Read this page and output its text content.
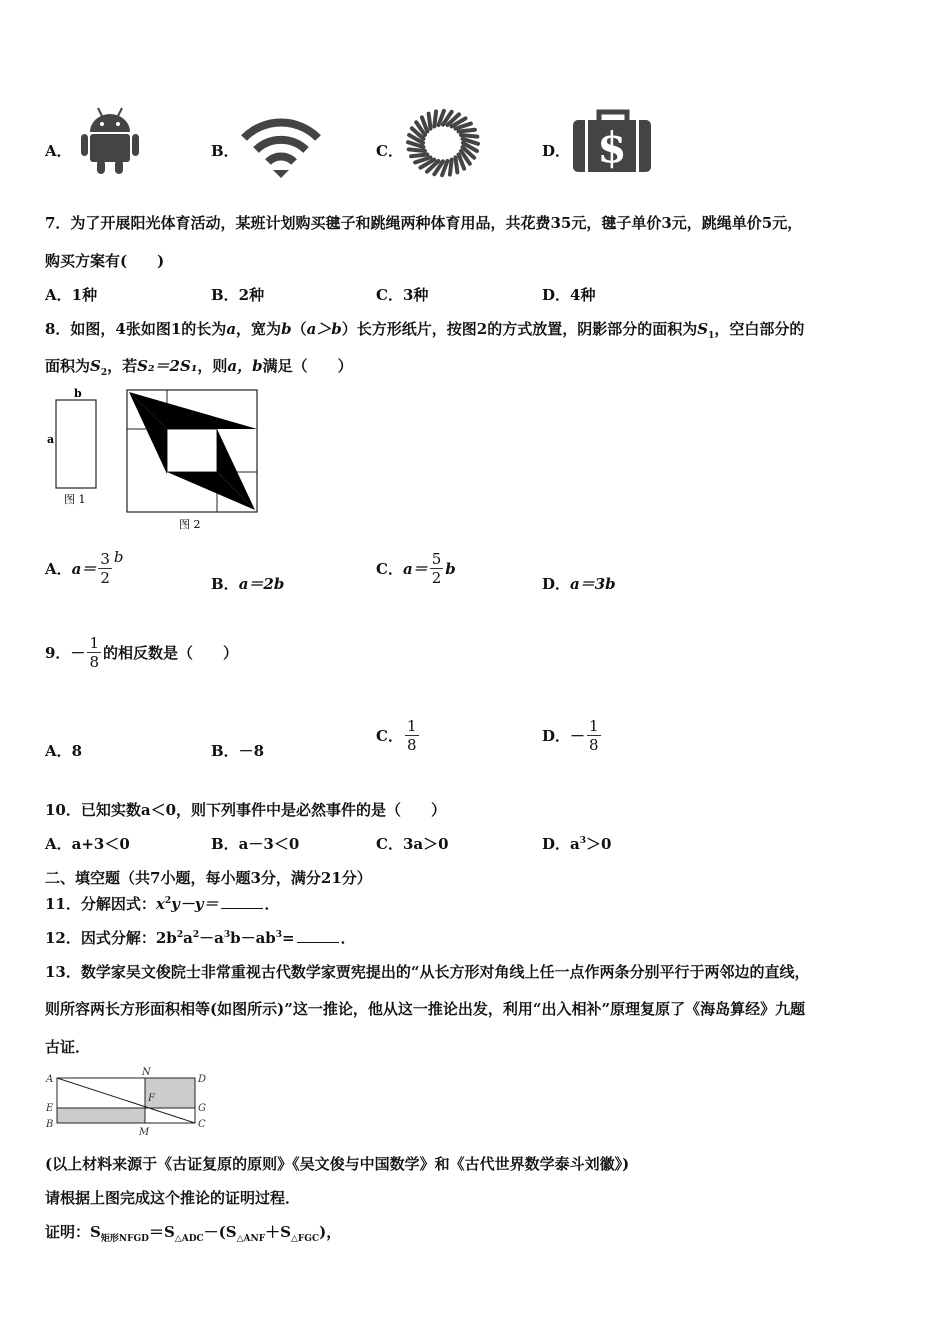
A．	B．	C．	D． $
7．为了开展阳光体育活动，某班计划购买毽子和跳绳两种体育用品，共花费35元，毽子单价3元，跳绳单价5元，
购买方案有(　　)
A．1种	B．2种	C．3种	D．4种
8．如图，4张如图1的长为a，宽为b（a＞b）长方形纸片，按图2的方式放置，阴影部分的面积为$S_1$，空白部分的
面积为$S_2$，若S₂＝2S₁，则a，b满足（　　）
b
a
图 1
图 2
A． $a= \frac{3}{2}$ b
B．a＝2b
C． $a= \frac{5}{2}$ b
D．a＝3b
9．－ $\frac{1}{8}$ 的相反数是（　　）
A．8	B．－8
C． $\frac{1}{8}$	D．－ $\frac{1}{8}$
10．已知实数a＜0，则下列事件中是必然事件的是（　　）
A．a+3＜0	B．a－3＜0	C．3a＞0	D．$a^3>0$
二、填空题（共7小题，每小题3分，满分21分）
11．分解因式：$x^2y-y=$	．
12．因式分解：$2b^2a^2-a^3b-ab^3=$	．
13．数学家吴文俊院士非常重视古代数学家贾宪提出的“从长方形对角线上任一点作两条分别平行于两邻边的直线，
则所容两长方形面积相等(如图所示)”这一推论，他从这一推论出发，利用“出入相补”原理复原了《海岛算经》九题
古证．
A
N
D
E
F
G
B
M
C
(以上材料来源于《古证复原的原则》《吴文俊与中国数学》和《古代世界数学泰斗刘徽》)
请根据上图完成这个推论的证明过程．
证明：$S_{矩形NFGD}=S_{\triangle ADC}-(S_{\triangle ANF}+S_{\triangle FGC})$，
